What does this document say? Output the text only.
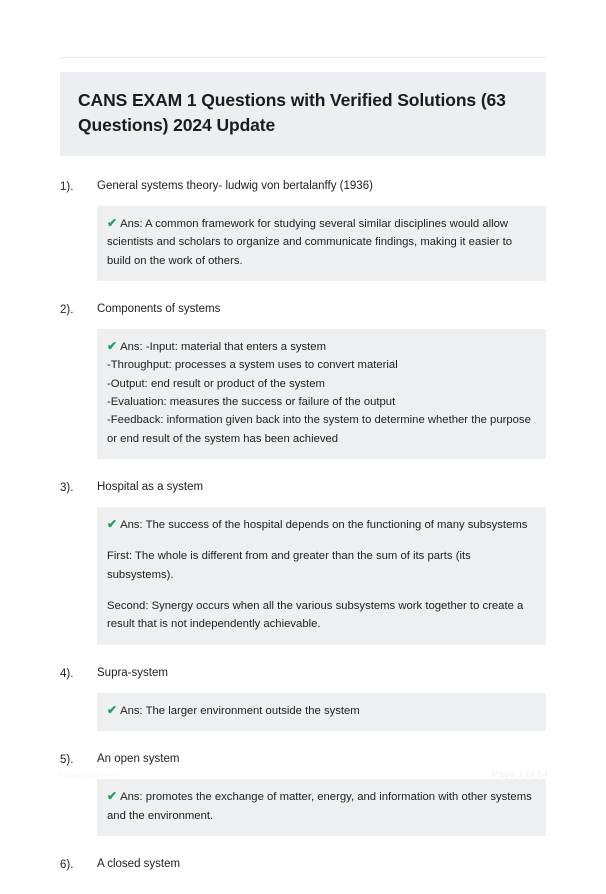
CANS EXAM 1 Questions with Verified Solutions (63 Questions) 2024 Update
1).	General systems theory- ludwig von bertalanffy (1936)
✔ Ans: A common framework for studying several similar disciplines would allow scientists and scholars to organize and communicate findings, making it easier to build on the work of others.
2).	Components of systems
✔ Ans: -Input: material that enters a system
-Throughput: processes a system uses to convert material
-Output: end result or product of the system
-Evaluation: measures the success or failure of the output
-Feedback: information given back into the system to determine whether the purpose or end result of the system has been achieved
3).	Hospital as a system
✔ Ans: The success of the hospital depends on the functioning of many subsystems
First: The whole is different from and greater than the sum of its parts (its subsystems).
Second: Synergy occurs when all the various subsystems work together to create a result that is not independently achievable.
4).	Supra-system
✔ Ans: The larger environment outside the system
5).	An open system
✔ Ans: promotes the exchange of matter, energy, and information with other systems and the environment.
6).	A closed system
PaperStlic.com	Page 1 of 14
